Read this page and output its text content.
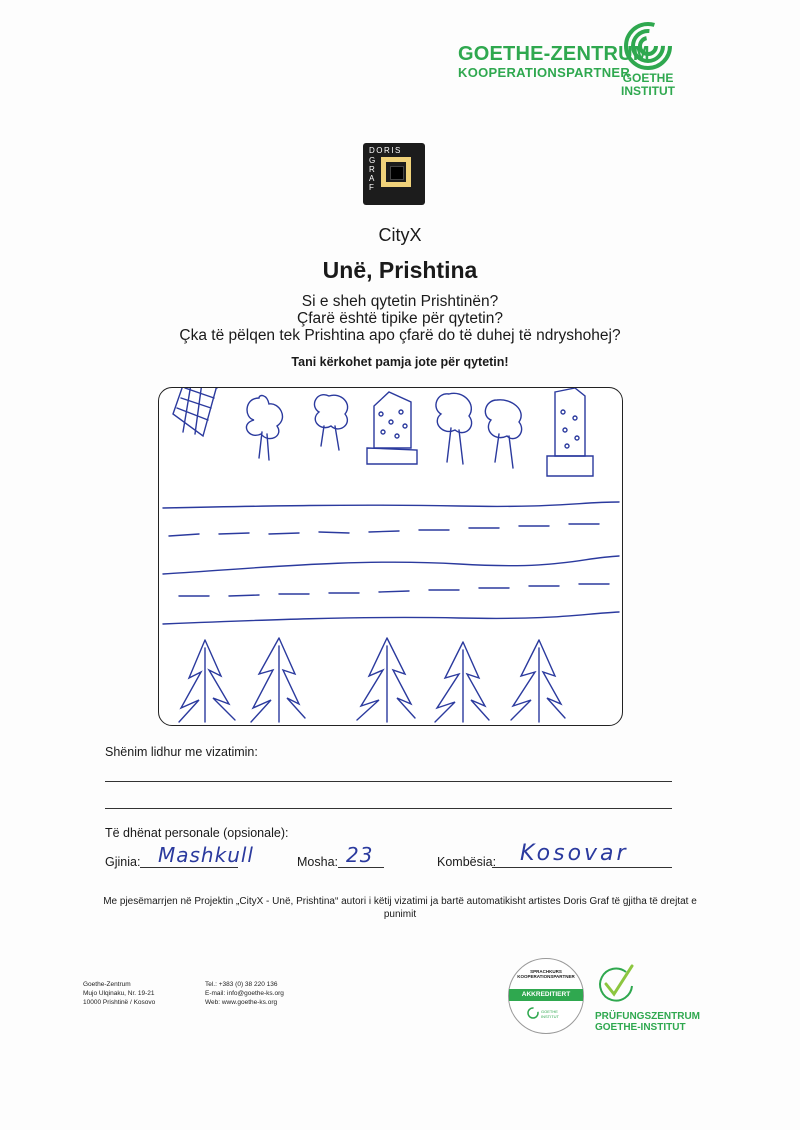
GOETHE-ZENTRUM
KOOPERATIONSPARTNER
GOETHE
INSTITUT
DORIS
G
R
A
F
CityX
Unë, Prishtina
Si e sheh qytetin Prishtinën?
Çfarë është tipike për qytetin?
Çka të pëlqen tek Prishtina apo çfarë do të duhej të ndryshohej?
Tani kërkohet pamja jote për qytetin!
Shënim lidhur me vizatimin:
Të dhënat personale (opsionale):
Gjinia: Mashkull	Mosha: 23	Kombësia: Kosovar
Me pjesëmarrjen në Projektin „CityX - Unë, Prishtina“ autori i këtij vizatimi ja bartë automatikisht artistes Doris Graf të gjitha të drejtat e punimit
Goethe-Zentrum
Mujo Ulqinaku, Nr. 19-21
10000 Prishtinë / Kosovo
Tel.: +383 (0) 38 220 136
E-mail: info@goethe-ks.org
Web: www.goethe-ks.org
SPRACHKURS KOOPERATIONSPARTNER
AKKREDITIERT
GOETHE INSTITUT	PRÜFUNGSZENTRUM
GOETHE-INSTITUT
